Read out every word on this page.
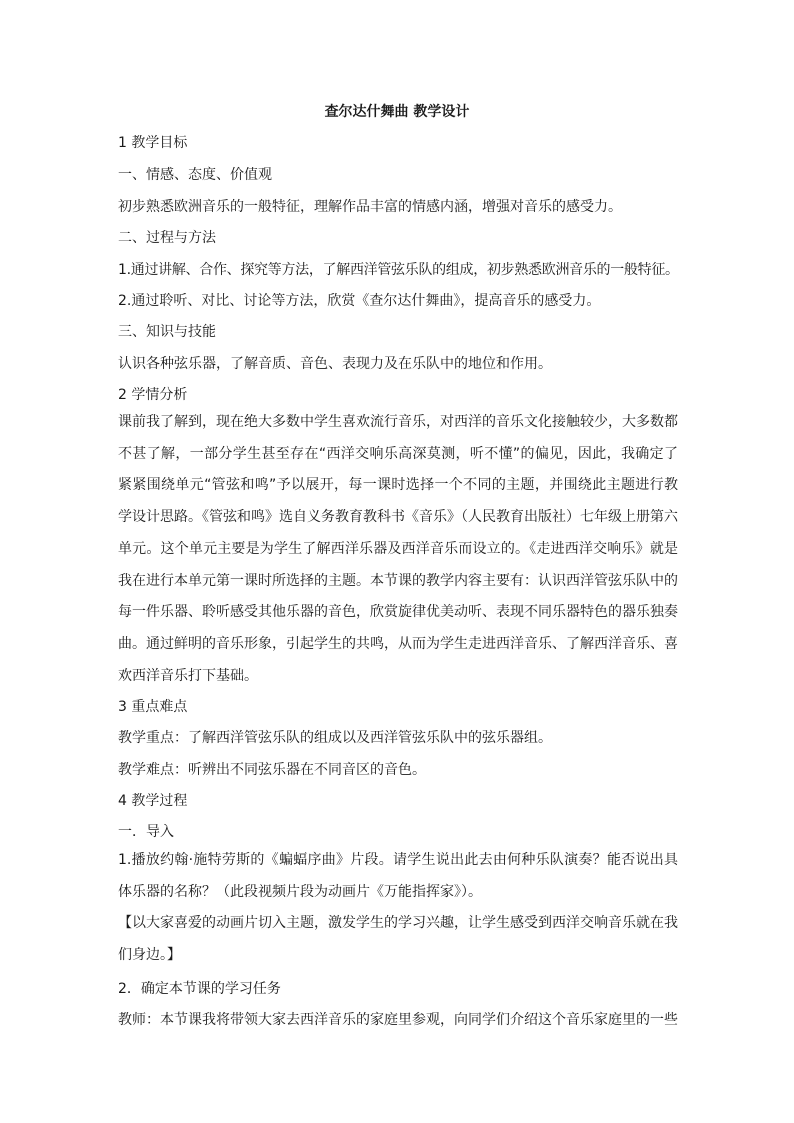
查尔达什舞曲 教学设计
1 教学目标
一、情感、态度、价值观
初步熟悉欧洲音乐的一般特征，理解作品丰富的情感内涵，增强对音乐的感受力。
二、过程与方法
1.通过讲解、合作、探究等方法，了解西洋管弦乐队的组成，初步熟悉欧洲音乐的一般特征。
2.通过聆听、对比、讨论等方法，欣赏《查尔达什舞曲》，提高音乐的感受力。
三、知识与技能
认识各种弦乐器，了解音质、音色、表现力及在乐队中的地位和作用。
2 学情分析
课前我了解到，现在绝大多数中学生喜欢流行音乐，对西洋的音乐文化接触较少，大多数都不甚了解，一部分学生甚至存在“西洋交响乐高深莫测，听不懂”的偏见，因此，我确定了紧紧围绕单元“管弦和鸣”予以展开，每一课时选择一个不同的主题，并围绕此主题进行教学设计思路。《管弦和鸣》选自义务教育教科书《音乐》（人民教育出版社）七年级上册第六单元。这个单元主要是为学生了解西洋乐器及西洋音乐而设立的。《走进西洋交响乐》就是我在进行本单元第一课时所选择的主题。本节课的教学内容主要有：认识西洋管弦乐队中的每一件乐器、聆听感受其他乐器的音色，欣赏旋律优美动听、表现不同乐器特色的器乐独奏曲。通过鲜明的音乐形象，引起学生的共鸣，从而为学生走进西洋音乐、了解西洋音乐、喜欢西洋音乐打下基础。
3 重点难点
教学重点：了解西洋管弦乐队的组成以及西洋管弦乐队中的弦乐器组。
教学难点：听辨出不同弦乐器在不同音区的音色。
4 教学过程
一．导入
1.播放约翰·施特劳斯的《蝙蝠序曲》片段。请学生说出此去由何种乐队演奏？能否说出具体乐器的名称？（此段视频片段为动画片《万能指挥家》）。
【以大家喜爱的动画片切入主题，激发学生的学习兴趣，让学生感受到西洋交响音乐就在我们身边。】
2．确定本节课的学习任务
教师：本节课我将带领大家去西洋音乐的家庭里参观，向同学们介绍这个音乐家庭里的一些
